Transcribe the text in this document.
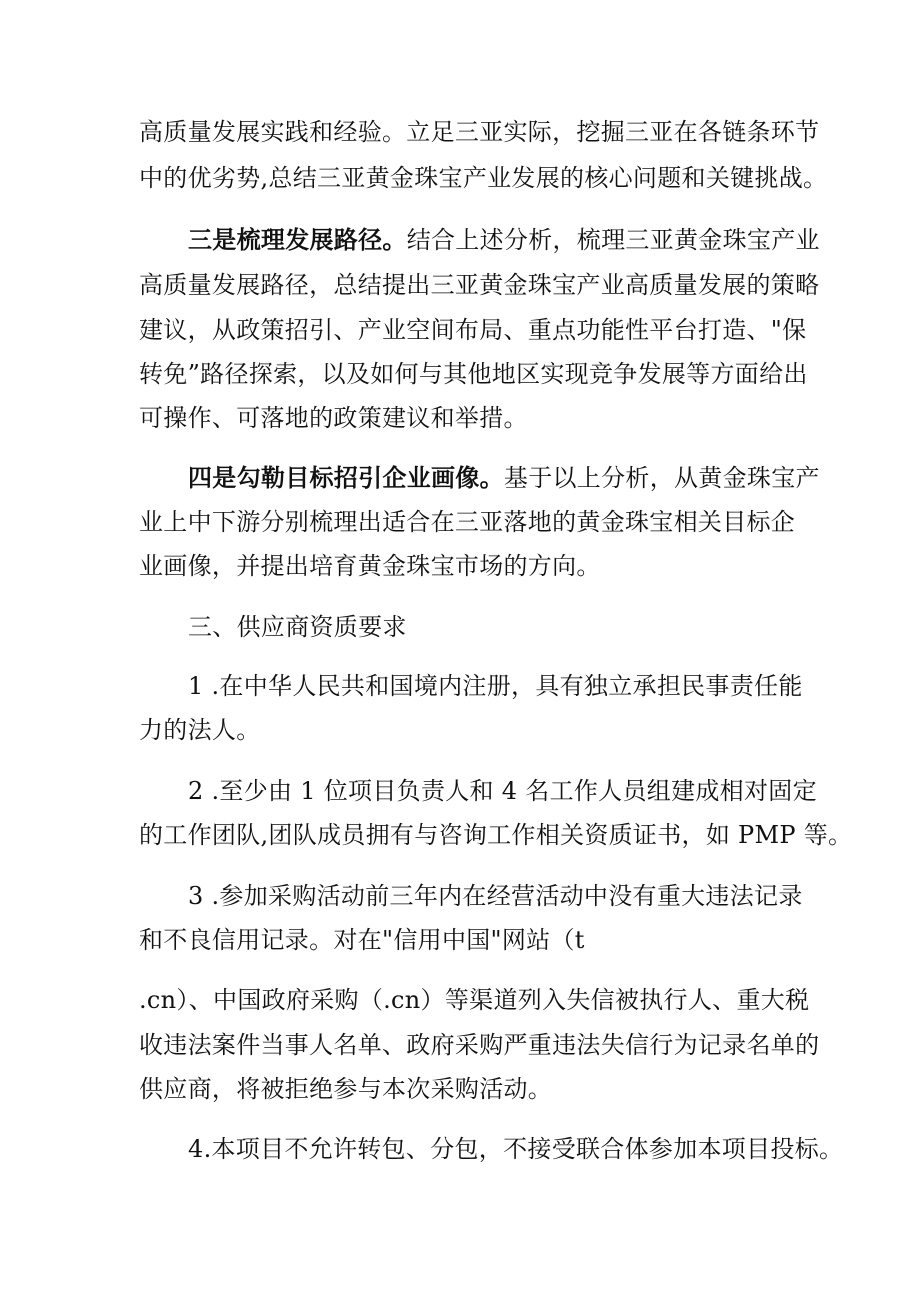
高质量发展实践和经验。立足三亚实际，挖掘三亚在各链条环节
中的优劣势,总结三亚黄金珠宝产业发展的核心问题和关键挑战。
三是梳理发展路径。结合上述分析，梳理三亚黄金珠宝产业
高质量发展路径，总结提出三亚黄金珠宝产业高质量发展的策略
建议，从政策招引、产业空间布局、重点功能性平台打造、"保
转免”路径探索，以及如何与其他地区实现竞争发展等方面给出
可操作、可落地的政策建议和举措。
四是勾勒目标招引企业画像。基于以上分析，从黄金珠宝产
业上中下游分别梳理出适合在三亚落地的黄金珠宝相关目标企
业画像，并提出培育黄金珠宝市场的方向。
三、供应商资质要求
1 .在中华人民共和国境内注册，具有独立承担民事责任能
力的法人。
2 .至少由 1 位项目负责人和 4 名工作人员组建成相对固定
的工作团队,团队成员拥有与咨询工作相关资质证书，如 PMP 等。
3 .参加采购活动前三年内在经营活动中没有重大违法记录
和不良信用记录。对在"信用中国"网站（t
.cn）、中国政府采购（.cn）等渠道列入失信被执行人、重大税
收违法案件当事人名单、政府采购严重违法失信行为记录名单的
供应商，将被拒绝参与本次采购活动。
4.本项目不允许转包、分包，不接受联合体参加本项目投标。
